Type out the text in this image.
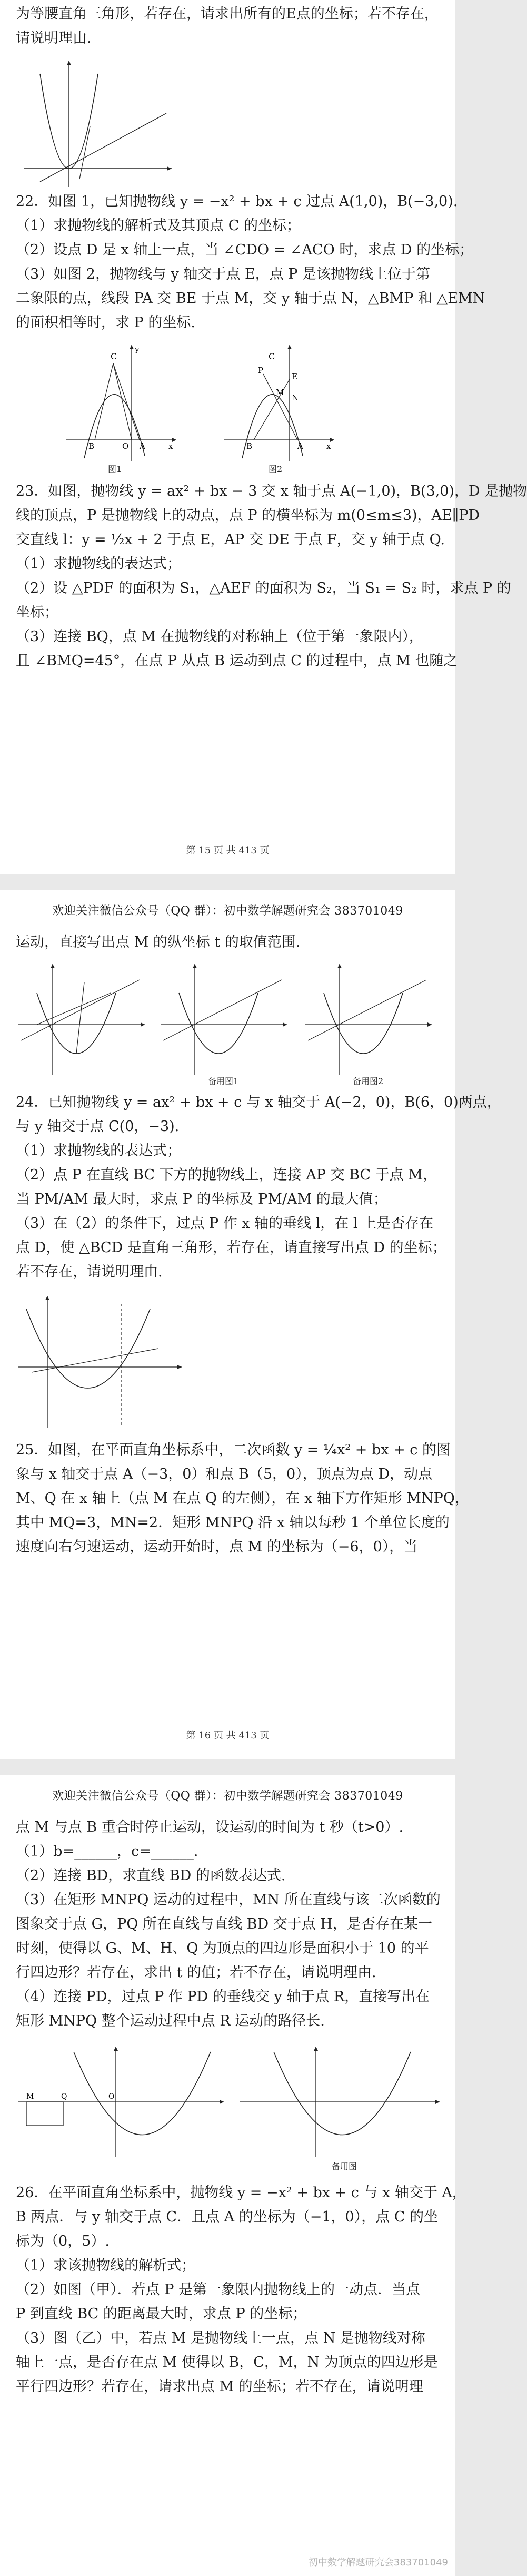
为等腰直角三角形，若存在，请求出所有的E点的坐标；若不存在，

请说明理由.

22．如图 1，已知抛物线 y = −x² + bx + c 过点 A(1,0)，B(−3,0).

（1）求抛物线的解析式及其顶点 C 的坐标；

（2）设点 D 是 x 轴上一点，当 ∠CDO = ∠ACO 时，求点 D 的坐标；

（3）如图 2，抛物线与 y 轴交于点 E，点 P 是该抛物线上位于第

二象限的点，线段 PA 交 BE 于点 M，交 y 轴于点 N，△BMP 和 △EMN

的面积相等时，求 P 的坐标.

C
B	O A	x
y
图1
C
P
E
N
M
B	A	x
图2

23．如图，抛物线 y = ax² + bx − 3 交 x 轴于点 A(−1,0)，B(3,0)，D 是抛物

线的顶点，P 是抛物线上的动点，点 P 的横坐标为 m(0≤m≤3)，AE∥PD

交直线 l：y = ½x + 2 于点 E，AP 交 DE 于点 F，交 y 轴于点 Q.

（1）求抛物线的表达式；

（2）设 △PDF 的面积为 S₁，△AEF 的面积为 S₂，当 S₁ = S₂ 时，求点 P 的

坐标；

（3）连接 BQ，点 M 在抛物线的对称轴上（位于第一象限内），

且 ∠BMQ=45°，在点 P 从点 B 运动到点 C 的过程中，点 M 也随之

第 15 页 共 413 页
欢迎关注微信公众号（QQ 群）：初中数学解题研究会 383701049

运动，直接写出点 M 的纵坐标 t 的取值范围.

备用图1	备用图2

24．已知抛物线 y = ax² + bx + c 与 x 轴交于 A(−2，0)，B(6，0)两点，

与 y 轴交于点 C(0，−3).

（1）求抛物线的表达式；

（2）点 P 在直线 BC 下方的抛物线上，连接 AP 交 BC 于点 M，

当 PM/AM 最大时，求点 P 的坐标及 PM/AM 的最大值；

（3）在（2）的条件下，过点 P 作 x 轴的垂线 l，在 l 上是否存在

点 D，使 △BCD 是直角三角形，若存在，请直接写出点 D 的坐标；

若不存在，请说明理由.

25．如图，在平面直角坐标系中，二次函数 y = ¼x² + bx + c 的图

象与 x 轴交于点 A（−3，0）和点 B（5，0），顶点为点 D，动点

M、Q 在 x 轴上（点 M 在点 Q 的左侧），在 x 轴下方作矩形 MNPQ，

其中 MQ=3，MN=2．矩形 MNPQ 沿 x 轴以每秒 1 个单位长度的

速度向右匀速运动，运动开始时，点 M 的坐标为（−6，0），当

第 16 页 共 413 页
欢迎关注微信公众号（QQ 群）：初中数学解题研究会 383701049

点 M 与点 B 重合时停止运动，设运动的时间为 t 秒（t>0）.

（1）b=______，c=______.

（2）连接 BD，求直线 BD 的函数表达式.

（3）在矩形 MNPQ 运动的过程中，MN 所在直线与该二次函数的

图象交于点 G，PQ 所在直线与直线 BD 交于点 H，是否存在某一

时刻，使得以 G、M、H、Q 为顶点的四边形是面积小于 10 的平

行四边形？若存在，求出 t 的值；若不存在，请说明理由.

（4）连接 PD，过点 P 作 PD 的垂线交 y 轴于点 R，直接写出在

矩形 MNPQ 整个运动过程中点 R 运动的路径长.

M	Q	O
备用图

26．在平面直角坐标系中，抛物线 y = −x² + bx + c 与 x 轴交于 A，

B 两点．与 y 轴交于点 C．且点 A 的坐标为（−1，0），点 C 的坐

标为（0，5）.

（1）求该抛物线的解析式；

（2）如图（甲）．若点 P 是第一象限内抛物线上的一动点．当点

P 到直线 BC 的距离最大时，求点 P 的坐标；

（3）图（乙）中，若点 M 是抛物线上一点，点 N 是抛物线对称

轴上一点，是否存在点 M 使得以 B，C，M，N 为顶点的四边形是

平行四边形？若存在，请求出点 M 的坐标；若不存在，请说明理

初中数学解题研究会383701049
